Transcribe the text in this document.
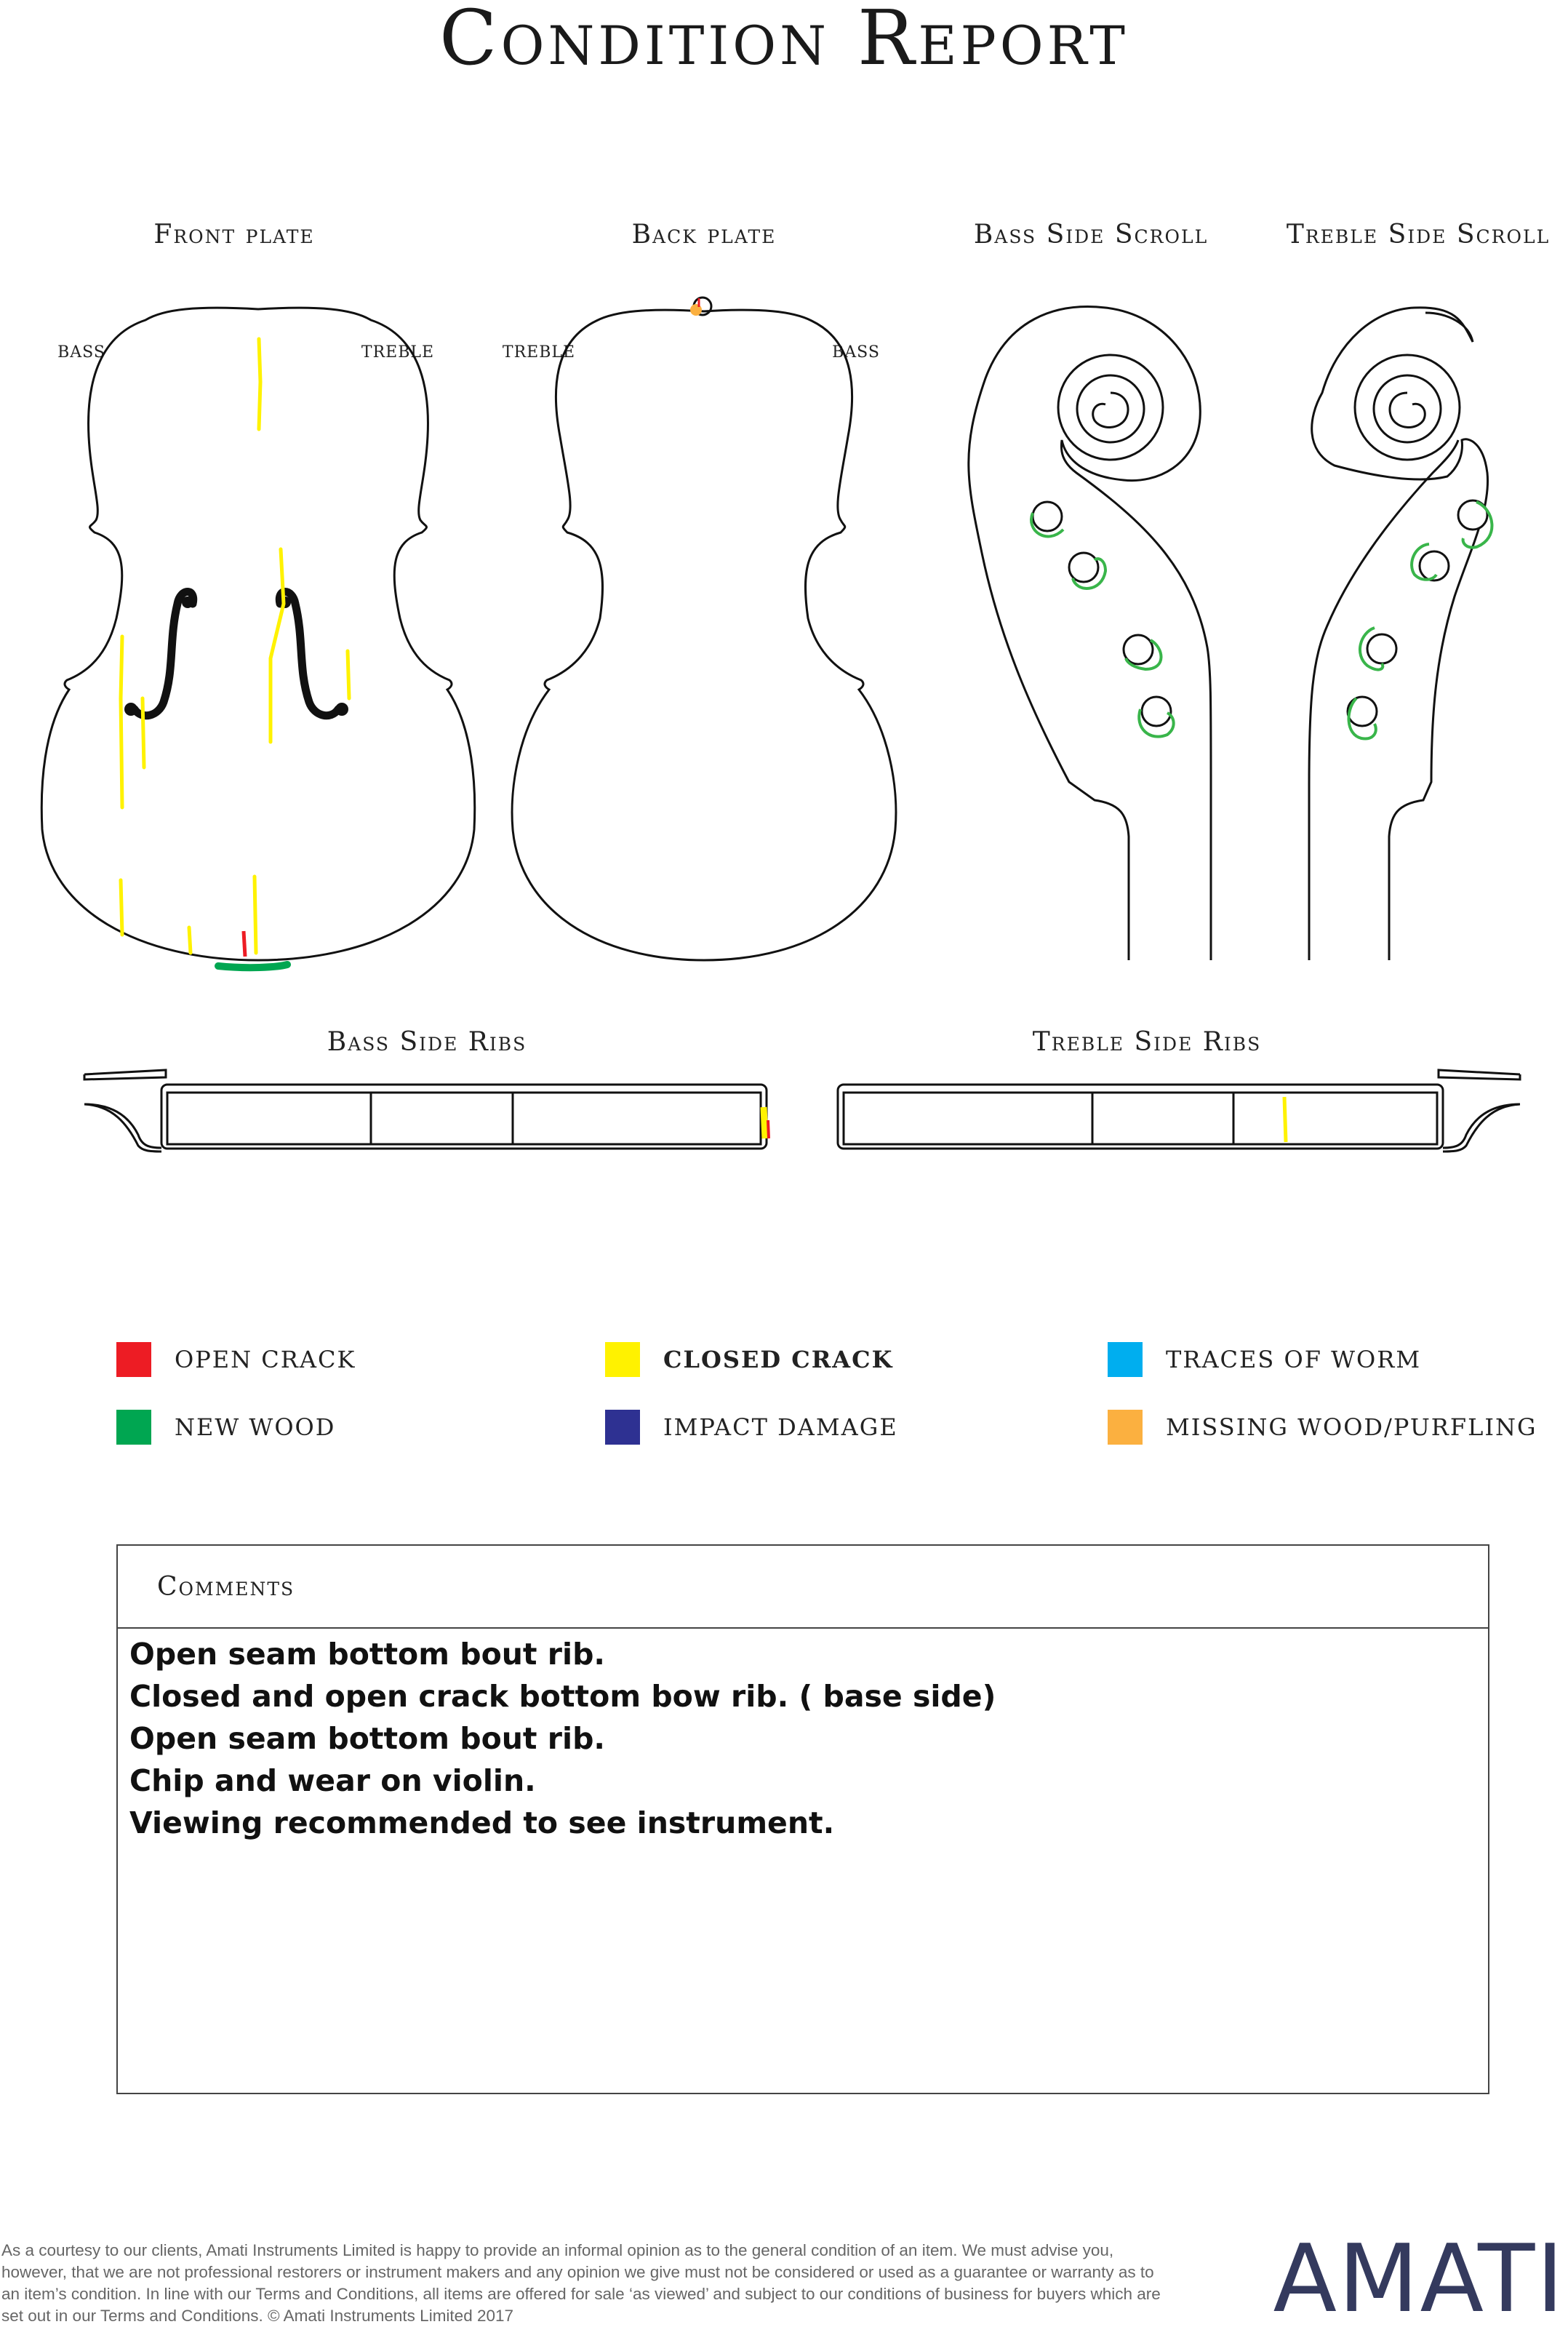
Condition Report
Front plate	Back plate	Bass Side Scroll	Treble Side Scroll
BASS	TREBLE	TREBLE	BASS
Bass Side Ribs	Treble Side Ribs
OPEN CRACK	CLOSED CRACK	TRACES OF WORM
NEW WOOD	IMPACT DAMAGE	MISSING WOOD/PURFLING
Comments
Open seam bottom bout rib.
Closed and open crack bottom bow rib. ( base side)
Open seam bottom bout rib.
Chip and wear on violin.
Viewing recommended to see instrument.
As a courtesy to our clients, Amati Instruments Limited is happy to provide an informal opinion as to the general condition of an item. We must advise you, however, that we are not professional restorers or instrument makers and any opinion we give must not be considered or used as a guarantee or warranty as to an item’s condition. In line with our Terms and Conditions, all items are offered for sale ‘as viewed’ and subject to our conditions of business for buyers which are set out in our Terms and Conditions. © Amati Instruments Limited 2017	AMATI
